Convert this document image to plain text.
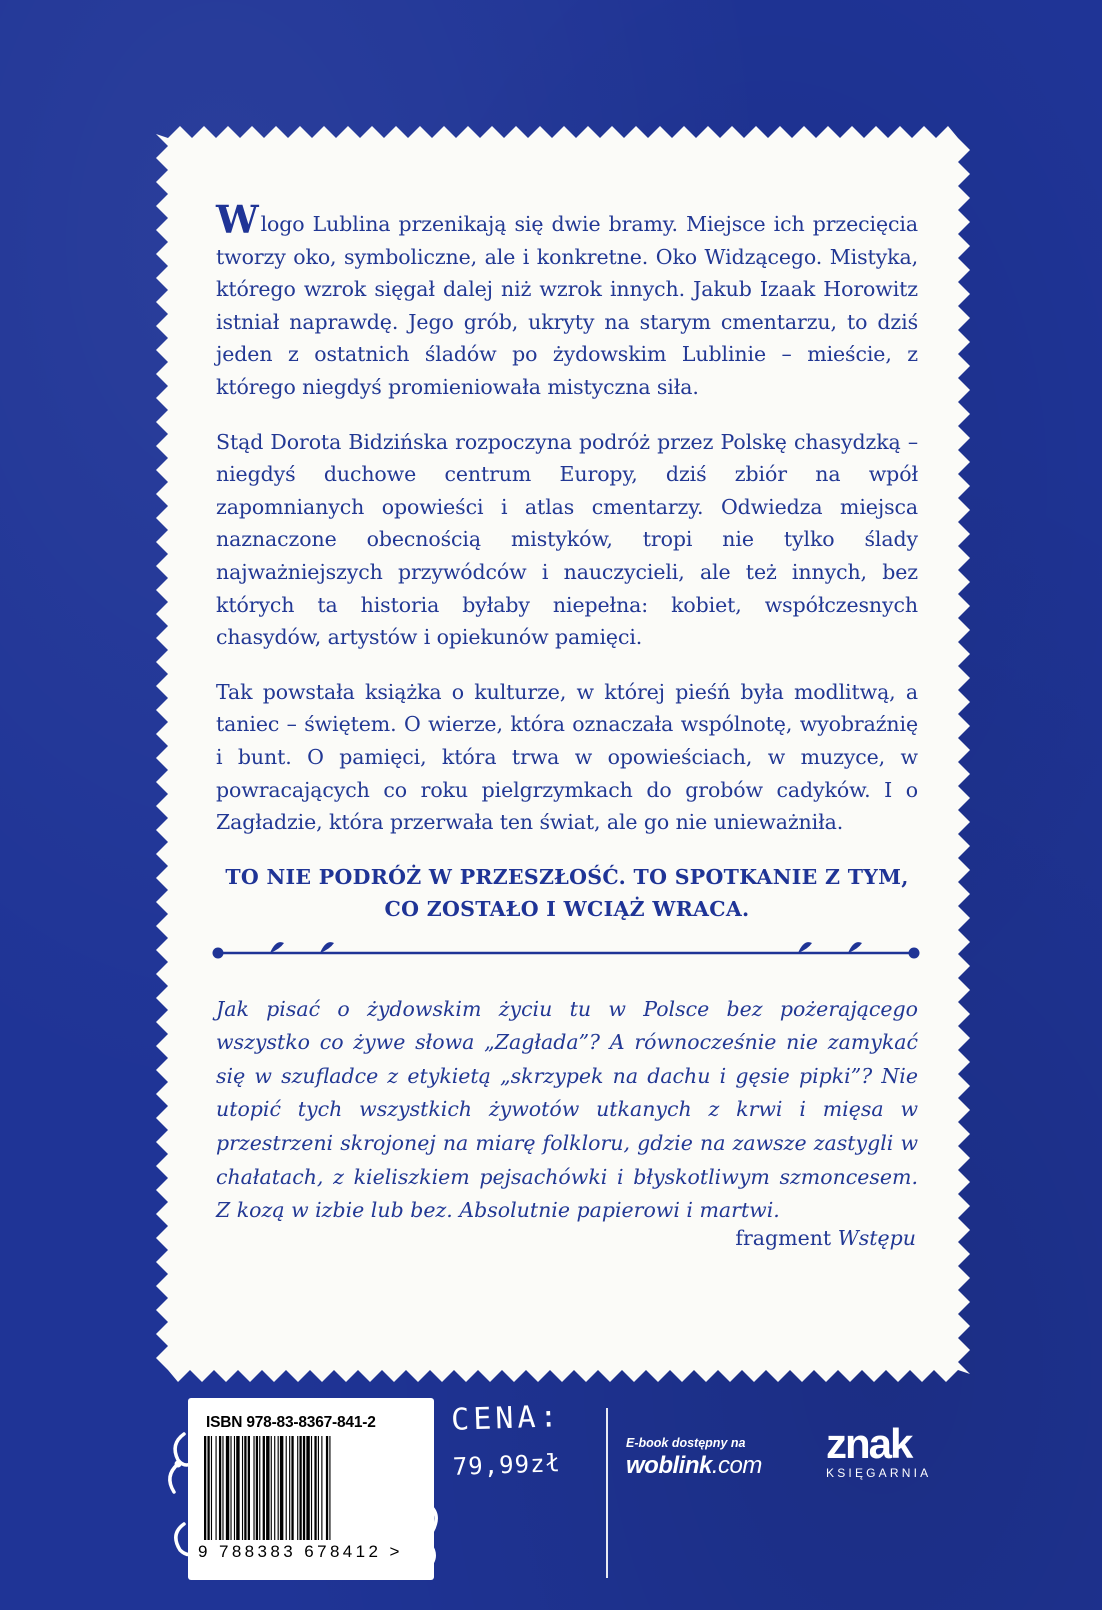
Wlogo Lublina przenikają się dwie bramy. Miejsce ich przecięcia tworzy oko, symboliczne, ale i konkretne. Oko Widzącego. Mistyka, którego wzrok sięgał dalej niż wzrok innych. Jakub Izaak Horowitz istniał naprawdę. Jego grób, ukryty na starym cmentarzu, to dziś jeden z ostatnich śladów po żydowskim Lublinie – mieście, z którego niegdyś promieniowała mistyczna siła.

Stąd Dorota Bidzińska rozpoczyna podróż przez Polskę chasydzką – niegdyś duchowe centrum Europy, dziś zbiór na wpół zapomnianych opowieści i atlas cmentarzy. Odwiedza miejsca naznaczone obecnością mistyków, tropi nie tylko ślady najważniejszych przywódców i nauczycieli, ale też innych, bez których ta historia byłaby niepełna: kobiet, współczesnych chasydów, artystów i opiekunów pamięci.

Tak powstała książka o kulturze, w której pieśń była modlitwą, a taniec – świętem. O wierze, która oznaczała wspólnotę, wyobraźnię i bunt. O pamięci, która trwa w opowieściach, w muzyce, w powracających co roku pielgrzymkach do grobów cadyków. I o Zagładzie, która przerwała ten świat, ale go nie unieważniła.

TO NIE PODRÓŻ W PRZESZŁOŚĆ. TO SPOTKANIE Z TYM,
CO ZOSTAŁO I WCIĄŻ WRACA.
Jak pisać o żydowskim życiu tu w Polsce bez pożerającego wszystko co żywe słowa „Zagłada”? A równocześnie nie zamykać się w szufladce z etykietą „skrzypek na dachu i gęsie pipki”? Nie utopić tych wszystkich żywotów utkanych z krwi i mięsa w przestrzeni skrojonej na miarę folkloru, gdzie na zawsze zastygli w chałatach, z kieliszkiem pejsachówki i błyskotliwym szmoncesem. Z kozą w izbie lub bez. Absolutnie papierowi i martwi.
fragment Wstępu
ISBN 978-83-8367-841-2
9 788383 678412 >
CENA:
79,99zł
E-book dostępny na
woblink.com znak
KSIĘGARNIA
